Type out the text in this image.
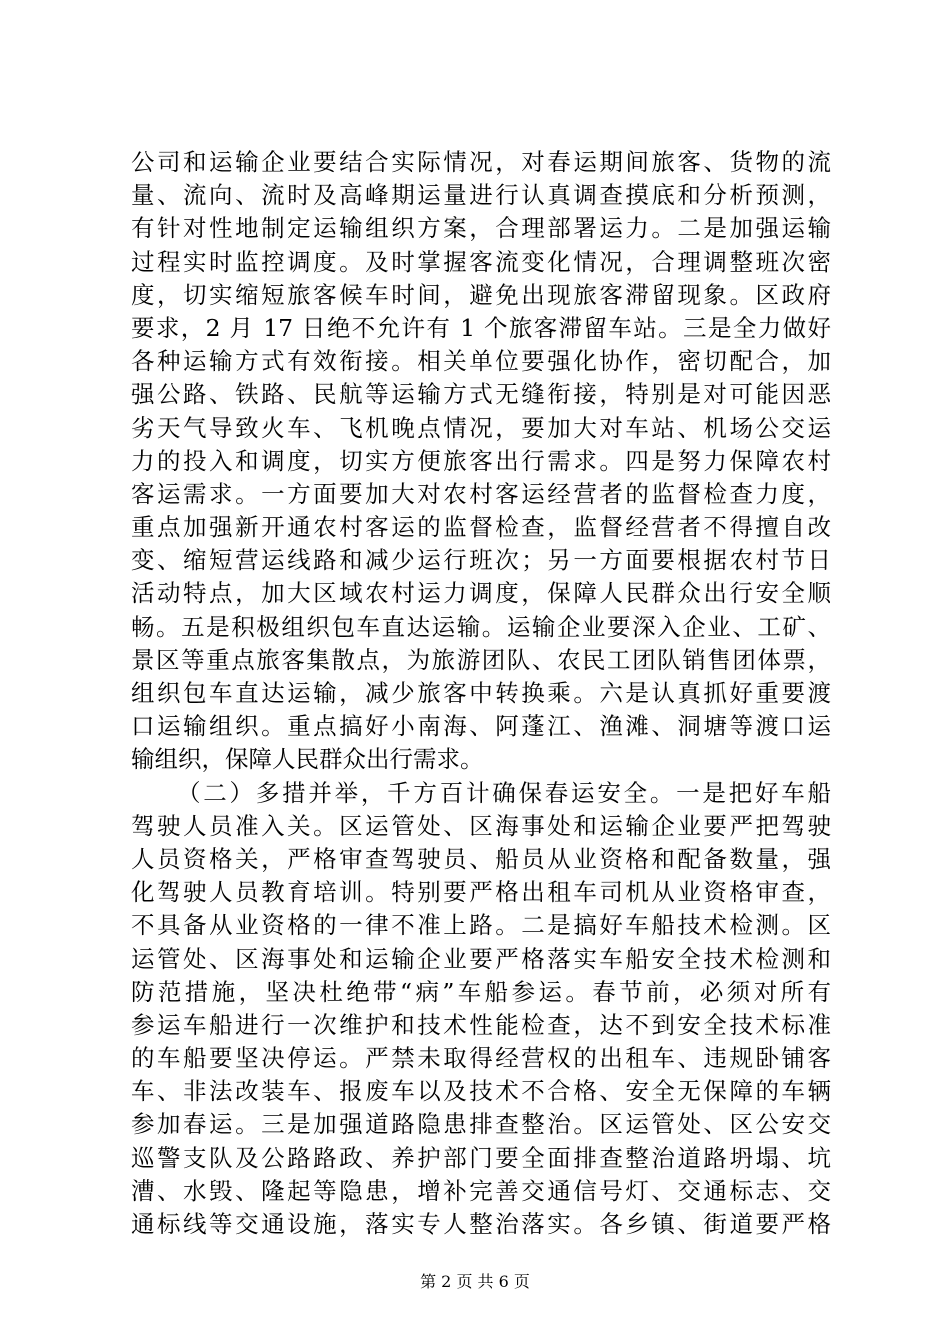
公司和运输企业要结合实际情况，对春运期间旅客、货物的流
量、流向、流时及高峰期运量进行认真调查摸底和分析预测，
有针对性地制定运输组织方案，合理部署运力。二是加强运输
过程实时监控调度。及时掌握客流变化情况，合理调整班次密
度，切实缩短旅客候车时间，避免出现旅客滞留现象。区政府
要求，2 月 17 日绝不允许有 1 个旅客滞留车站。三是全力做好
各种运输方式有效衔接。相关单位要强化协作，密切配合，加
强公路、铁路、民航等运输方式无缝衔接，特别是对可能因恶
劣天气导致火车、飞机晚点情况，要加大对车站、机场公交运
力的投入和调度，切实方便旅客出行需求。四是努力保障农村
客运需求。一方面要加大对农村客运经营者的监督检查力度，
重点加强新开通农村客运的监督检查，监督经营者不得擅自改
变、缩短营运线路和减少运行班次；另一方面要根据农村节日
活动特点，加大区域农村运力调度，保障人民群众出行安全顺
畅。五是积极组织包车直达运输。运输企业要深入企业、工矿、
景区等重点旅客集散点，为旅游团队、农民工团队销售团体票，
组织包车直达运输，减少旅客中转换乘。六是认真抓好重要渡
口运输组织。重点搞好小南海、阿蓬江、渔滩、洞塘等渡口运
输组织，保障人民群众出行需求。
（二）多措并举，千方百计确保春运安全。一是把好车船
驾驶人员准入关。区运管处、区海事处和运输企业要严把驾驶
人员资格关，严格审查驾驶员、船员从业资格和配备数量，强
化驾驶人员教育培训。特别要严格出租车司机从业资格审查，
不具备从业资格的一律不准上路。二是搞好车船技术检测。区
运管处、区海事处和运输企业要严格落实车船安全技术检测和
防范措施，坚决杜绝带“病”车船参运。春节前，必须对所有
参运车船进行一次维护和技术性能检查，达不到安全技术标准
的车船要坚决停运。严禁未取得经营权的出租车、违规卧铺客
车、非法改装车、报废车以及技术不合格、安全无保障的车辆
参加春运。三是加强道路隐患排查整治。区运管处、区公安交
巡警支队及公路路政、养护部门要全面排查整治道路坍塌、坑
漕、水毁、隆起等隐患，增补完善交通信号灯、交通标志、交
通标线等交通设施，落实专人整治落实。各乡镇、街道要严格
第 2 页 共 6 页
